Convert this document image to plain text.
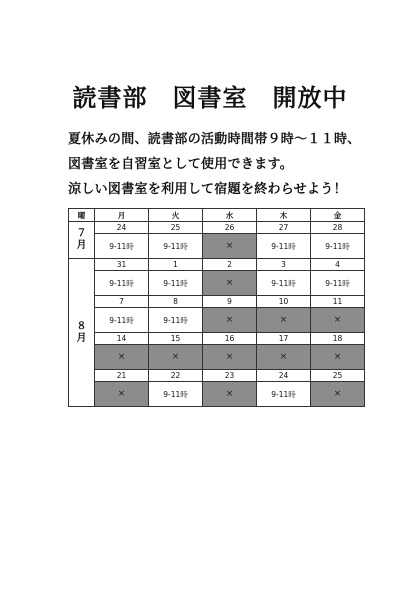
読書部　図書室　開放中

夏休みの間、読書部の活動時間帯９時～１１時、

図書室を自習室として使用できます。

涼しい図書室を利用して宿題を終わらせよう！

曜	月	火	水	木	金
７
月	24	25	26	27	28
	9-11時	9-11時	×	9-11時	9-11時
８
月	31	1	2	3	4
	9-11時	9-11時	×	9-11時	9-11時
	7	8	9	10	11
	9-11時	9-11時	×	×	×
	14	15	16	17	18
	×	×	×	×	×
	21	22	23	24	25
	×	9-11時	×	9-11時	×
